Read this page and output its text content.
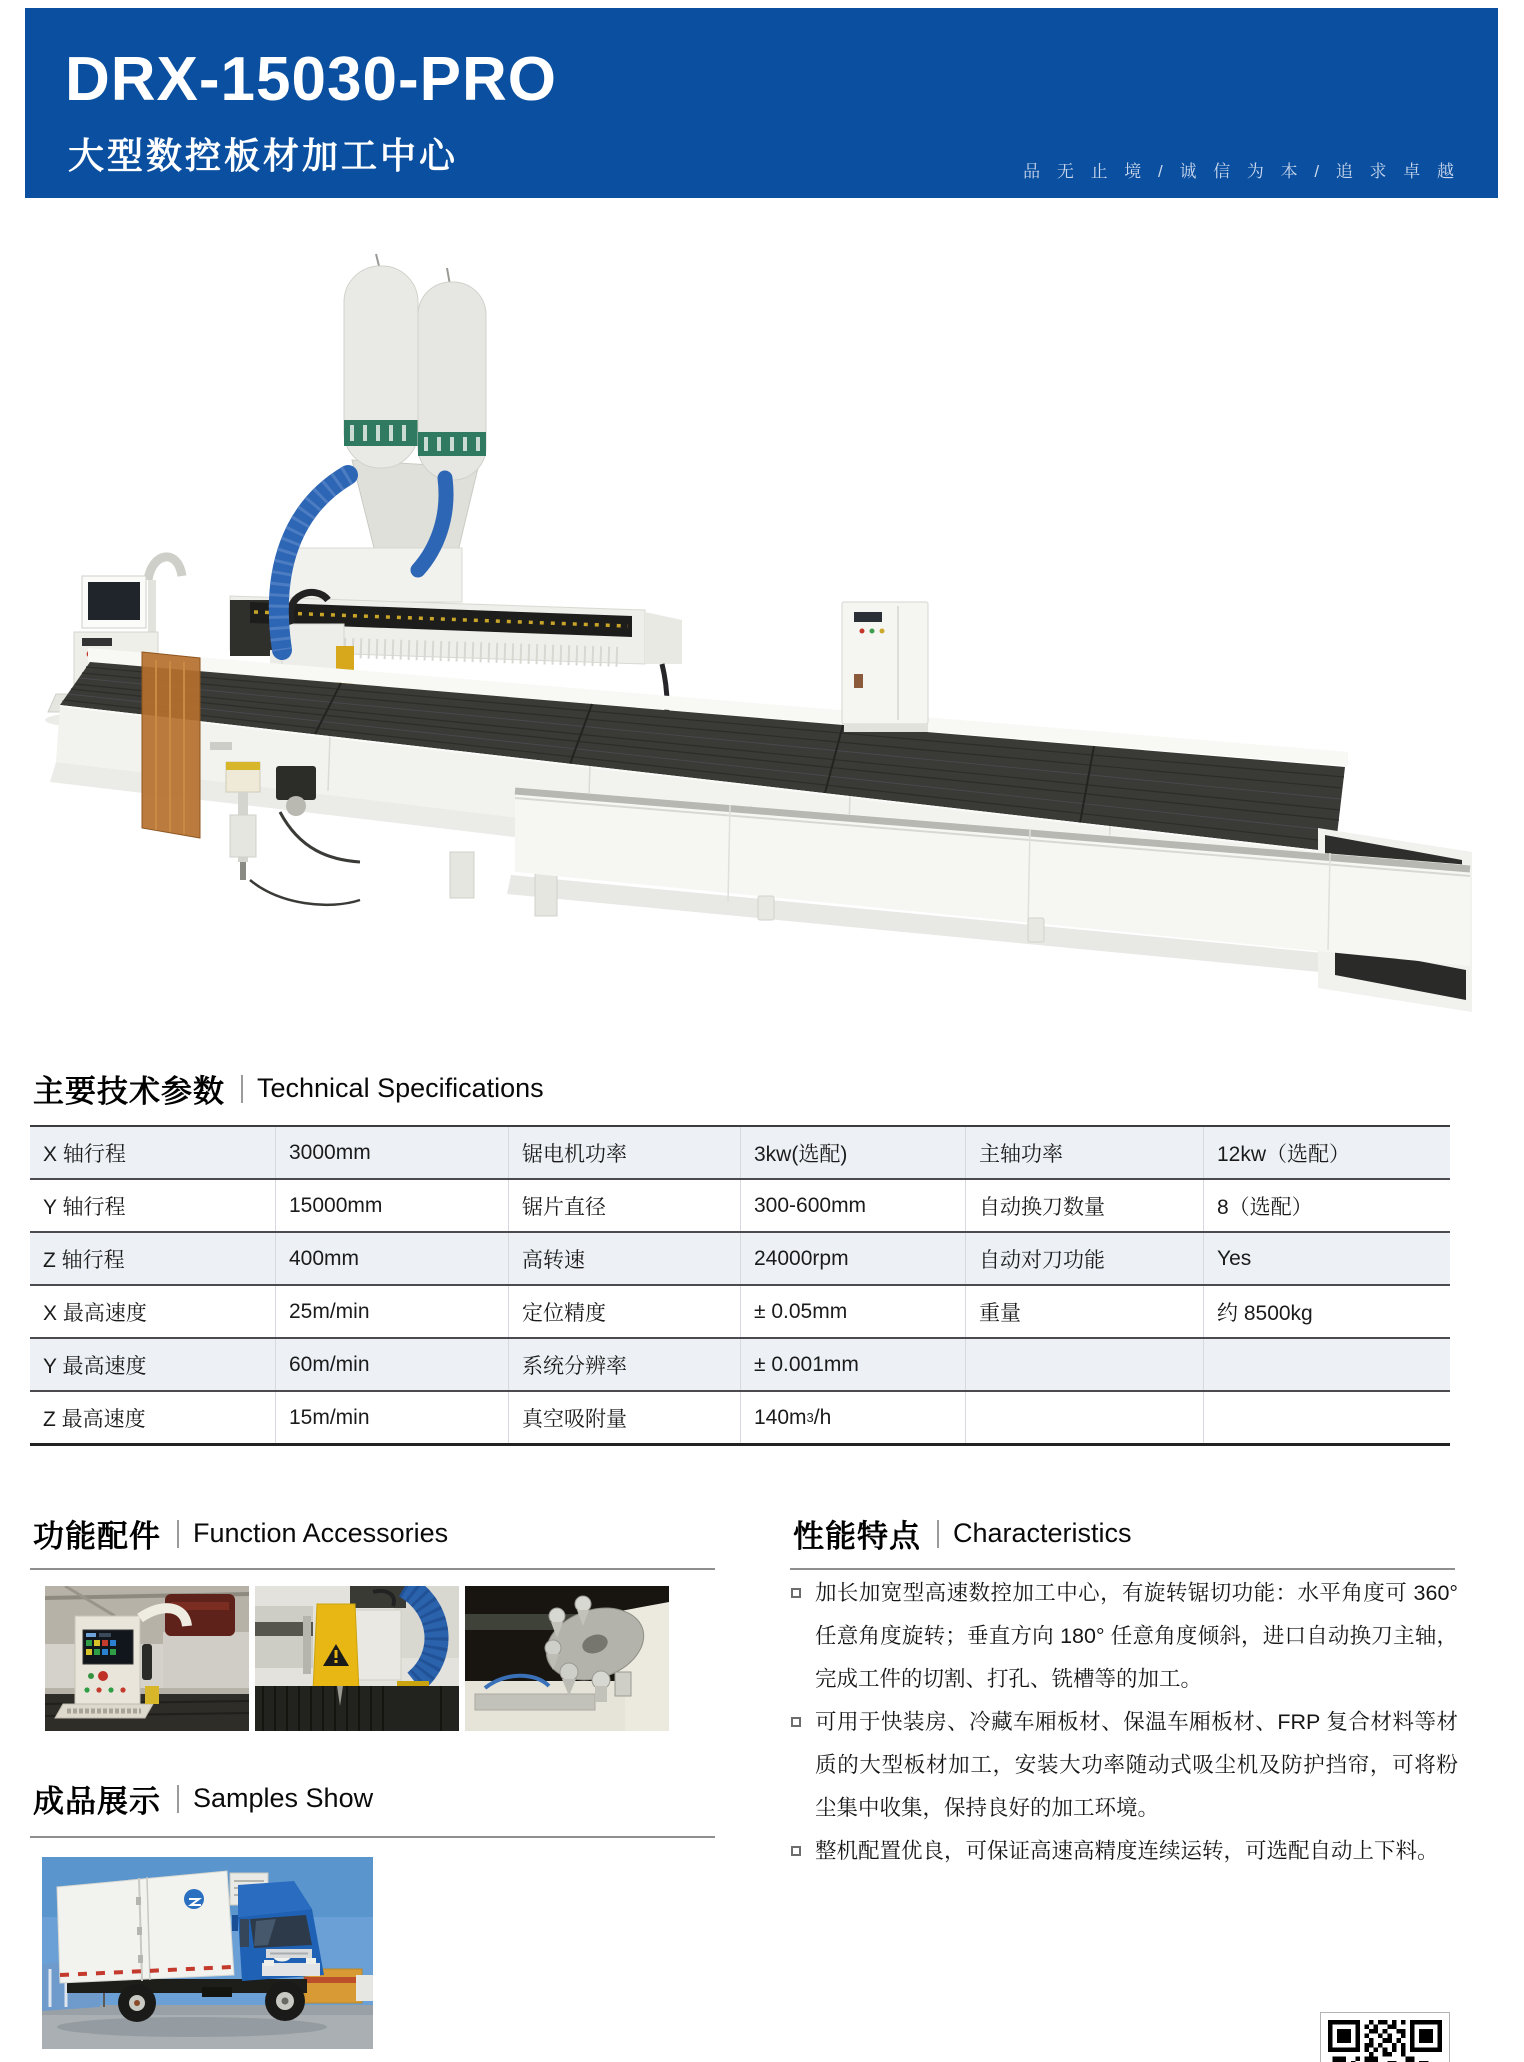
DRX-15030-PRO
大型数控板材加工中心	品 无 止 境 / 诚 信 为 本 / 追 求 卓 越
主要技术参数 Technical Specifications
X 轴行程	3000mm	锯电机功率	3kw(选配)	主轴功率	12kw（选配）
Y 轴行程	15000mm	锯片直径	300-600mm	自动换刀数量	8（选配）
Z 轴行程	400mm	高转速	24000rpm	自动对刀功能	Yes
X 最高速度	25m/min	定位精度	± 0.05mm	重量	约 8500kg
Y 最高速度	60m/min	系统分辨率	± 0.001mm
Z 最高速度	15m/min	真空吸附量	140m 3 /h
功能配件 Function Accessories	性能特点 Characteristics
加长加宽型高速数控加工中心，有旋转锯切功能：水平角度可 360° 任意角度旋转；垂直方向 180° 任意角度倾斜，进口自动换刀主轴，完成工件的切割、打孔、铣槽等的加工。
可用于快装房、冷藏车厢板材、保温车厢板材、FRP 复合材料等材质的大型板材加工，安装大功率随动式吸尘机及防护挡帘，可将粉尘集中收集，保持良好的加工环境。
整机配置优良，可保证高速高精度连续运转，可选配自动上下料。
成品展示 Samples Show
